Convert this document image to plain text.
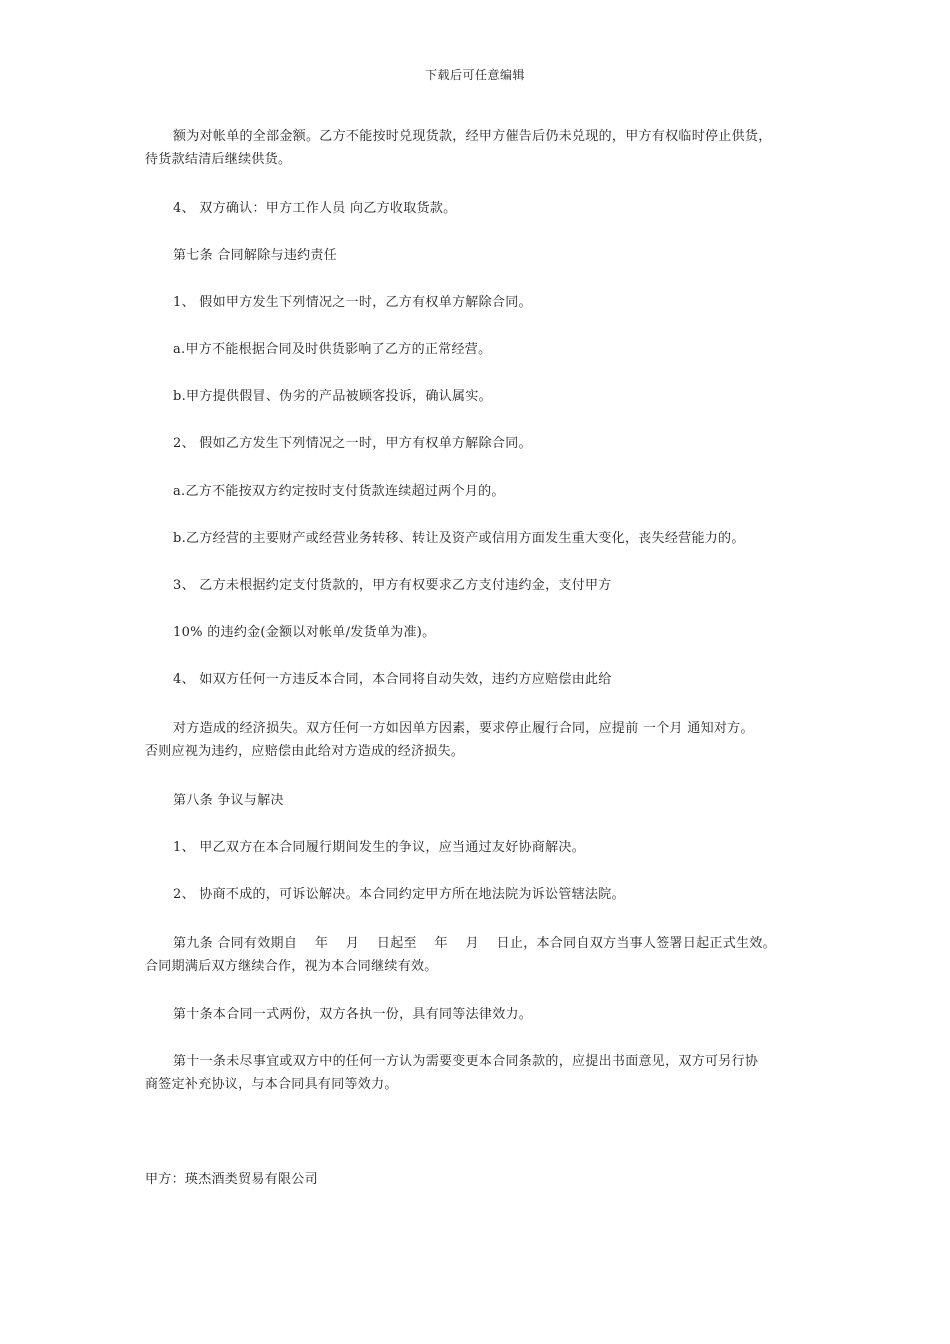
下载后可任意编辑
额为对帐单的全部金额。乙方不能按时兑现货款，经甲方催告后仍未兑现的，甲方有权临时停止供货，
待货款结清后继续供货。
4、 双方确认：甲方工作人员 向乙方收取货款。
第七条 合同解除与违约责任
1、 假如甲方发生下列情况之一时，乙方有权单方解除合同。
a.甲方不能根据合同及时供货影响了乙方的正常经营。
b.甲方提供假冒、伪劣的产品被顾客投诉，确认属实。
2、 假如乙方发生下列情况之一时，甲方有权单方解除合同。
a.乙方不能按双方约定按时支付货款连续超过两个月的。
b.乙方经营的主要财产或经营业务转移、转让及资产或信用方面发生重大变化，丧失经营能力的。
3、 乙方未根据约定支付货款的，甲方有权要求乙方支付违约金，支付甲方
10% 的违约金(金额以对帐单/发货单为准)。
4、 如双方任何一方违反本合同，本合同将自动失效，违约方应赔偿由此给
对方造成的经济损失。双方任何一方如因单方因素，要求停止履行合同，应提前 一个月 通知对方。
否则应视为违约，应赔偿由此给对方造成的经济损失。
第八条 争议与解决
1、 甲乙双方在本合同履行期间发生的争议，应当通过友好协商解决。
2、 协商不成的，可诉讼解决。本合同约定甲方所在地法院为诉讼管辖法院。
第九条 合同有效期自　 年　 月　 日起至　 年　 月　 日止，本合同自双方当事人签署日起正式生效。
合同期满后双方继续合作，视为本合同继续有效。
第十条本合同一式两份，双方各执一份，具有同等法律效力。
第十一条未尽事宜或双方中的任何一方认为需要变更本合同条款的，应提出书面意见，双方可另行协
商签定补充协议，与本合同具有同等效力。
甲方：瑛杰酒类贸易有限公司
